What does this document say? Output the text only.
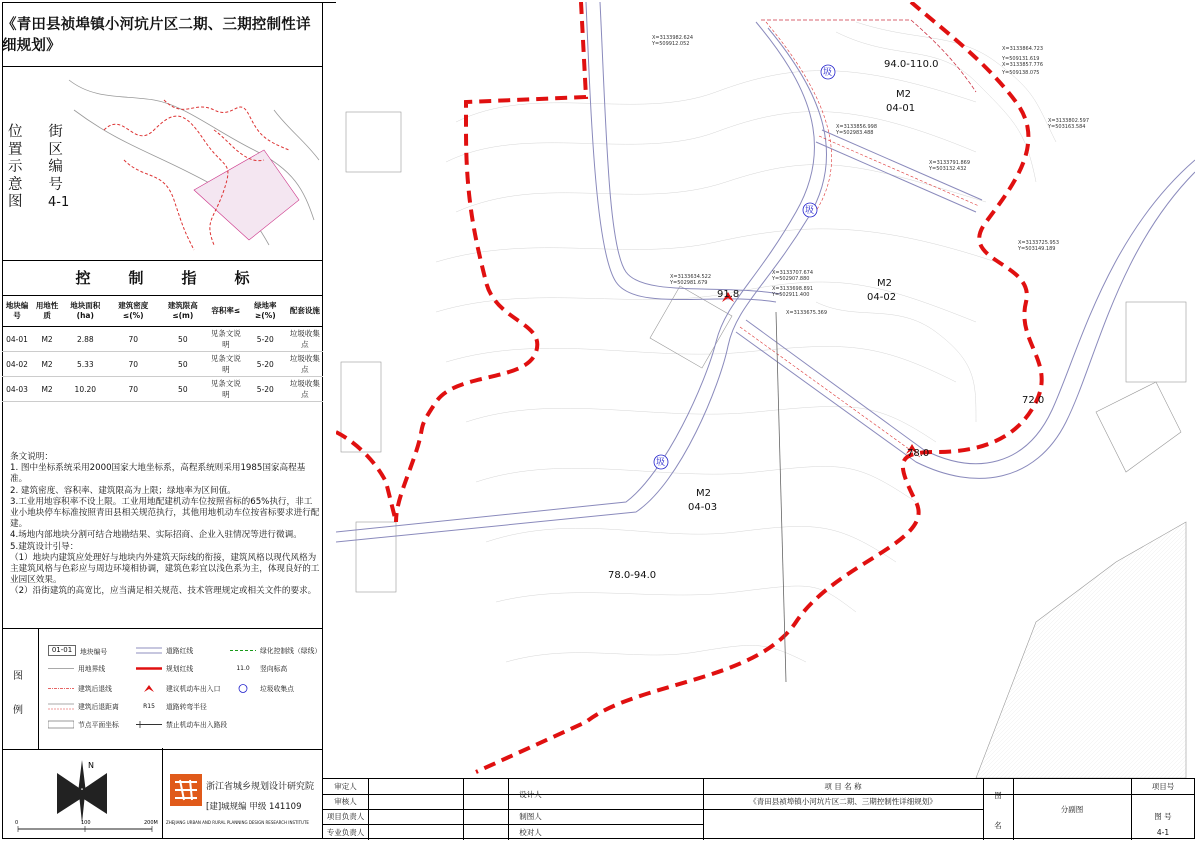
《青田县祯埠镇小河坑片区二期、三期控制性详细规划》
位
置
示
意
图
街
区
编
号
4-1
控制指标
地块编号	用地性质	地块面积(ha)	建筑密度≤(%)	建筑限高≤(m)	容积率≤	绿地率≥(%)	配套设施
04-01	M2	2.88	70	50	见条文说明	5-20	垃圾收集点
04-02	M2	5.33	70	50	见条文说明	5-20	垃圾收集点
04-03	M2	10.20	70	50	见条文说明	5-20	垃圾收集点
条文说明：
1. 图中坐标系统采用2000国家大地坐标系，高程系统则采用1985国家高程基准。
2. 建筑密度、容积率、建筑限高为上限；绿地率为区间值。
3.工业用地容积率不设上限。工业用地配建机动车位按照省标的65%执行，非工业小地块停车标准按照青田县相关规范执行，其他用地机动车位按省标要求进行配建。
4.场地内部地块分割可结合地勘结果、实际招商、企业入驻情况等进行微调。
5.建筑设计引导：
（1）地块内建筑应处理好与地块内外建筑天际线的衔接，建筑风格以现代风格为主建筑风格与色彩应与周边环境相协调，建筑色彩宜以浅色系为主，体现良好的工业园区效果。
（2）沿街建筑的高宽比，应当满足相关规范、技术管理规定或相关文件的要求。
图
例
01-01	地块编号
用地界线
建筑后退线
建筑后退距离
节点平面坐标
道路红线
规划红线
建议机动车出入口
R15	道路转弯半径
禁止机动车出入路段
绿化控制线（绿线）
11.0	竖向标高
垃圾收集点
N
0	100	200M
浙江省城乡规划设计研究院
[建]城规编 甲级 141109
ZHEJIANG URBAN AND RURAL PLANNING DESIGN RESEARCH INSTITUTE
圾
圾
圾
M2
04-01
94.0-110.0
M2
04-02
M2
04-03
78.0-94.0
91.8
72.0
78.0
X=3133982.624
Y=509912.052
X=3133864.723
Y=509131.619
X=3133857.776
Y=509138.075
X=3133856.998
Y=502983.488
X=3133802.597
Y=503163.584
X=3133791.869
Y=503132.432
X=3133725.953
Y=503149.189
X=3133634.522
Y=502981.679
X=3133707.674
Y=502907.880
X=3133698.891
Y=502911.400
X=3133675.369
审定人
审核人
项目负责人
专业负责人
设计人
制图人
校对人
项 目 名 称
《青田县祯埠镇小河坑片区二期、三期控制性详细规划》
图
名
分副图
项目号
图 号
4-1
